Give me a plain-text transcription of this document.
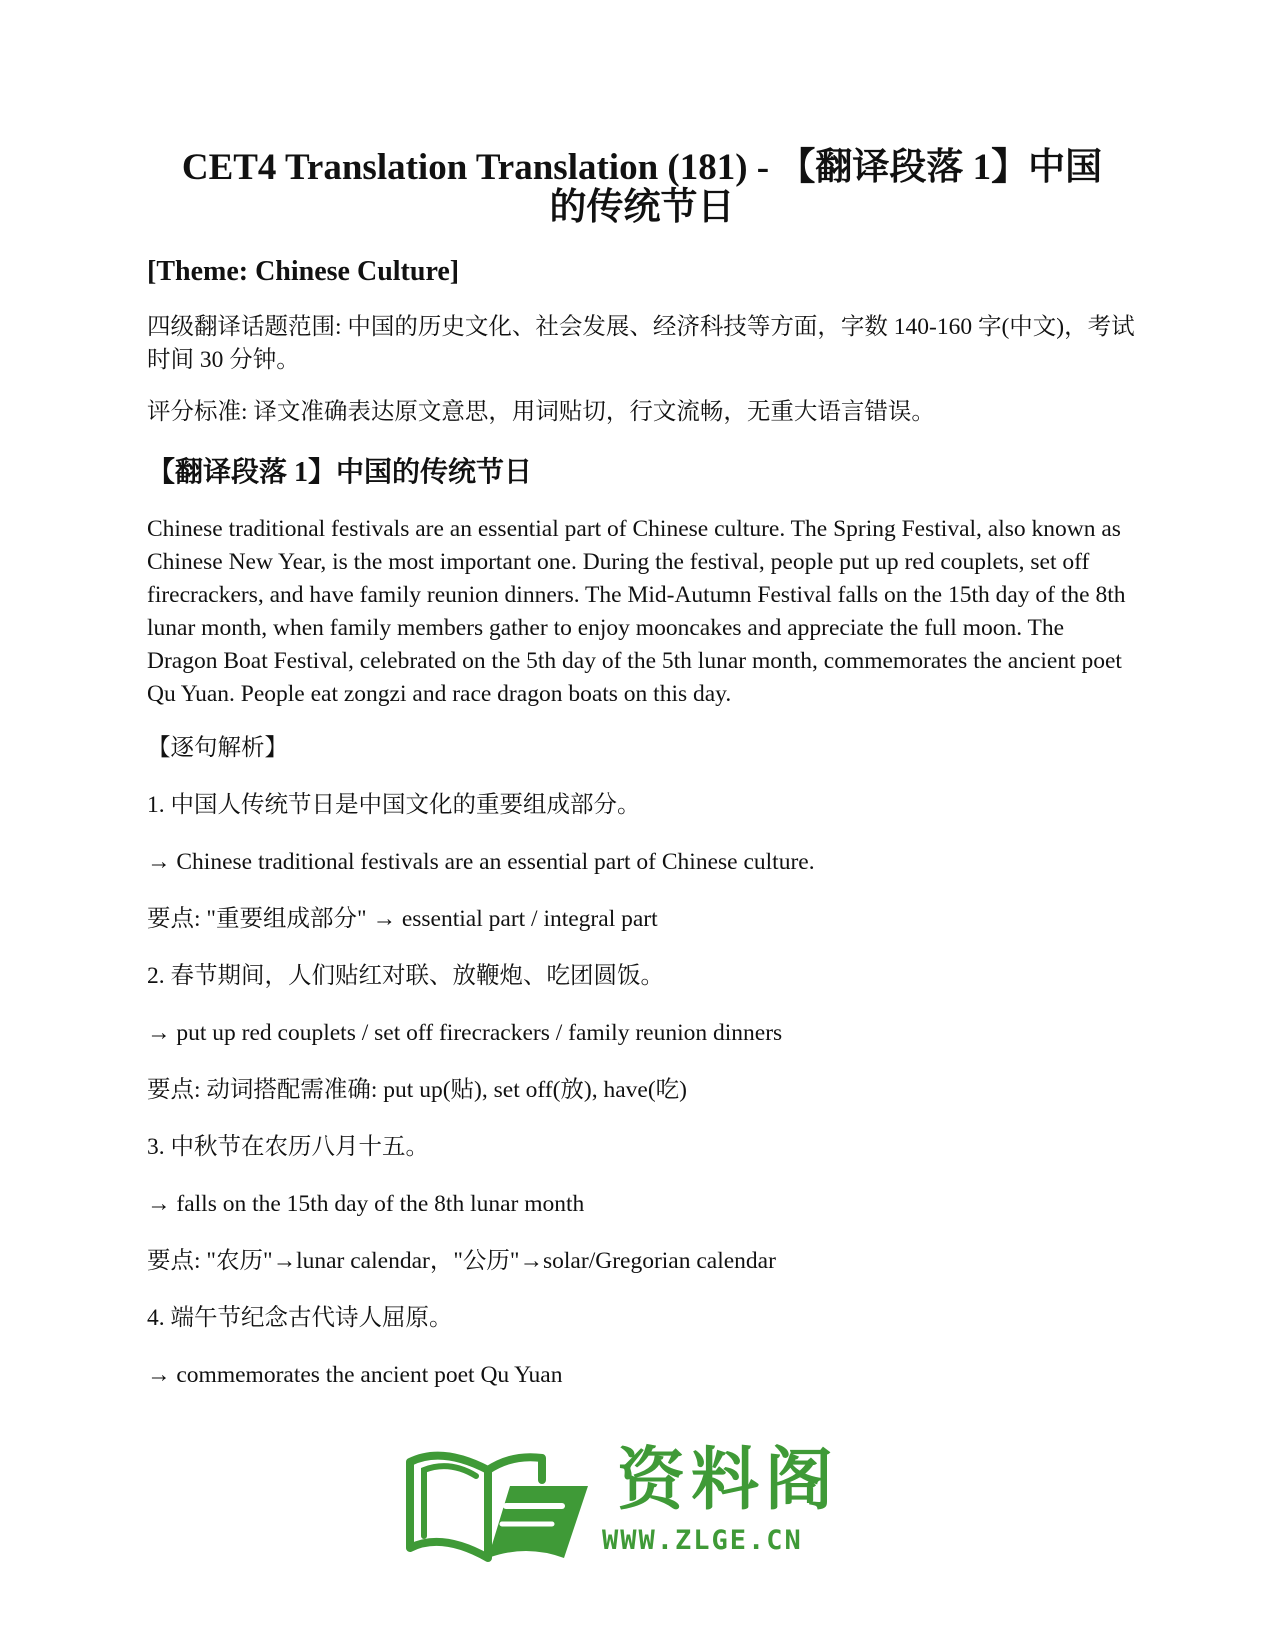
CET4 Translation Translation (181) - 【翻译段落 1】中国
的传统节日
[Theme: Chinese Culture]

四级翻译话题范围: 中国的历史文化、社会发展、经济科技等方面，字数 140-160 字(中文)，考试时间 30 分钟。

评分标准: 译文准确表达原文意思，用词贴切，行文流畅，无重大语言错误。

【翻译段落 1】中国的传统节日

Chinese traditional festivals are an essential part of Chinese culture. The Spring Festival, also known as Chinese New Year, is the most important one. During the festival, people put up red couplets, set off firecrackers, and have family reunion dinners. The Mid-Autumn Festival falls on the 15th day of the 8th lunar month, when family members gather to enjoy mooncakes and appreciate the full moon. The Dragon Boat Festival, celebrated on the 5th day of the 5th lunar month, commemorates the ancient poet Qu Yuan. People eat zongzi and race dragon boats on this day.

【逐句解析】

1. 中国人传统节日是中国文化的重要组成部分。

→ Chinese traditional festivals are an essential part of Chinese culture.

要点: "重要组成部分" → essential part / integral part

2. 春节期间，人们贴红对联、放鞭炮、吃团圆饭。

→ put up red couplets / set off firecrackers / family reunion dinners

要点: 动词搭配需准确: put up(贴), set off(放), have(吃)

3. 中秋节在农历八月十五。

→ falls on the 15th day of the 8th lunar month

要点: "农历"→lunar calendar，"公历"→solar/Gregorian calendar

4. 端午节纪念古代诗人屈原。

→ commemorates the ancient poet Qu Yuan

资料阁
WWW.ZLGE.CN
